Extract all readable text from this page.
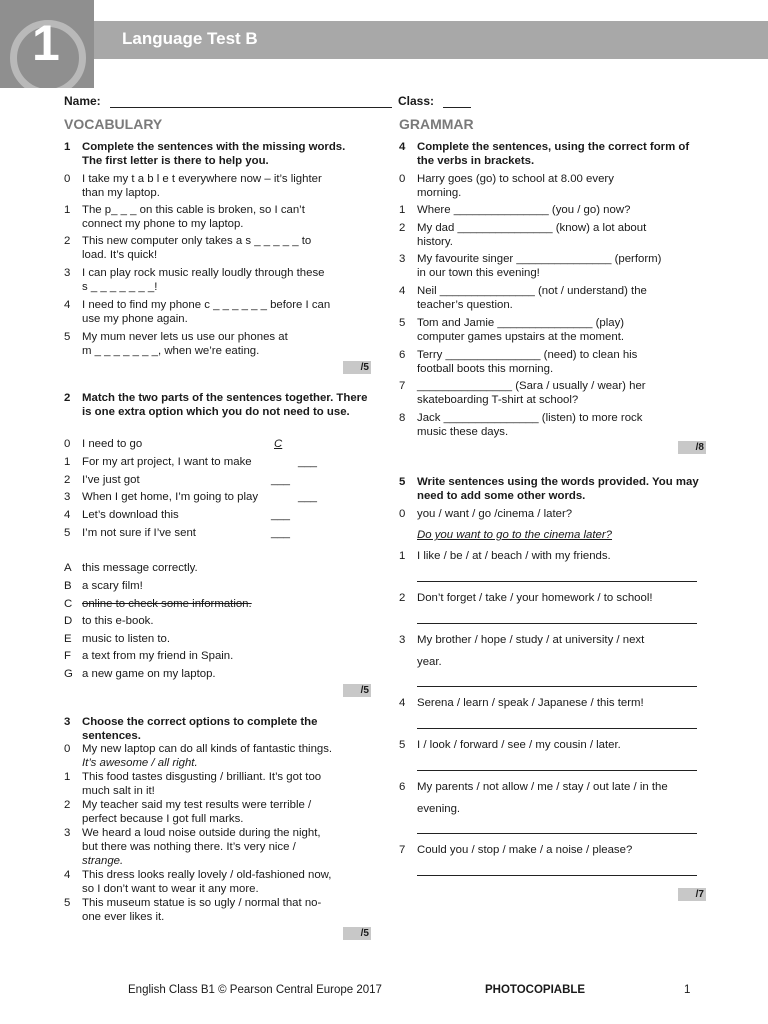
1	Language Test B
Name:	Class:
VOCABULARY	GRAMMAR
1 Complete the sentences with the missing words. The first letter is there to help you.
0 I take my t a b l e t everywhere now – it’s lighter
than my laptop.
1 The p_ _ _ on this cable is broken, so I can’t
connect my phone to my laptop.
2 This new computer only takes a s _ _ _ _ _ to
load. It’s quick!
3 I can play rock music really loudly through these
s _ _ _ _ _ _ _!
4 I need to find my phone c _ _ _ _ _ _ before I can
use my phone again.
5 My mum never lets us use our phones at
m _ _ _ _ _ _ _, when we’re eating.
/5
2 Match the two parts of the sentences together. There is one extra option which you do not need to use.
0 I need to go	C
1 For my art project, I want to make	___
2 I’ve just got	___
3 When I get home, I’m going to play	___
4 Let’s download this	___
5 I’m not sure if I’ve sent	___
A this message correctly.
B a scary film!
C online to check some information.
D to this e-book.
E music to listen to.
F a text from my friend in Spain.
G a new game on my laptop.
/5
3 Choose the correct options to complete the sentences.
0 My new laptop can do all kinds of fantastic things.
It’s awesome / all right.
1 This food tastes disgusting / brilliant. It’s got too
much salt in it!
2 My teacher said my test results were terrible /
perfect because I got full marks.
3 We heard a loud noise outside during the night,
but there was nothing there. It’s very nice /
strange.
4 This dress looks really lovely / old-fashioned now,
so I don’t want to wear it any more.
5 This museum statue is so ugly / normal that no-
one ever likes it.
/5
4 Complete the sentences, using the correct form of the verbs in brackets.
0 Harry goes (go) to school at 8.00 every
morning.
1 Where _______________ (you / go) now?
2 My dad _______________ (know) a lot about
history.
3 My favourite singer _______________ (perform)
in our town this evening!
4 Neil _______________ (not / understand) the
teacher’s question.
5 Tom and Jamie _______________ (play)
computer games upstairs at the moment.
6 Terry _______________ (need) to clean his
football boots this morning.
7 _______________ (Sara / usually / wear) her
skateboarding T-shirt at school?
8 Jack _______________ (listen) to more rock
music these days.
/8
5 Write sentences using the words provided. You may need to add some other words.
0 you / want / go /cinema / later?
Do you want to go to the cinema later?
1 I like / be / at / beach / with my friends.
2 Don’t forget / take / your homework / to school!
3 My brother / hope / study / at university / next
year.
4 Serena / learn / speak / Japanese / this term!
5 I / look / forward / see / my cousin / later.
6 My parents / not allow / me / stay / out late / in the
evening.
7 Could you / stop / make / a noise / please?
/7
English Class B1 © Pearson Central Europe 2017	PHOTOCOPIABLE	1
